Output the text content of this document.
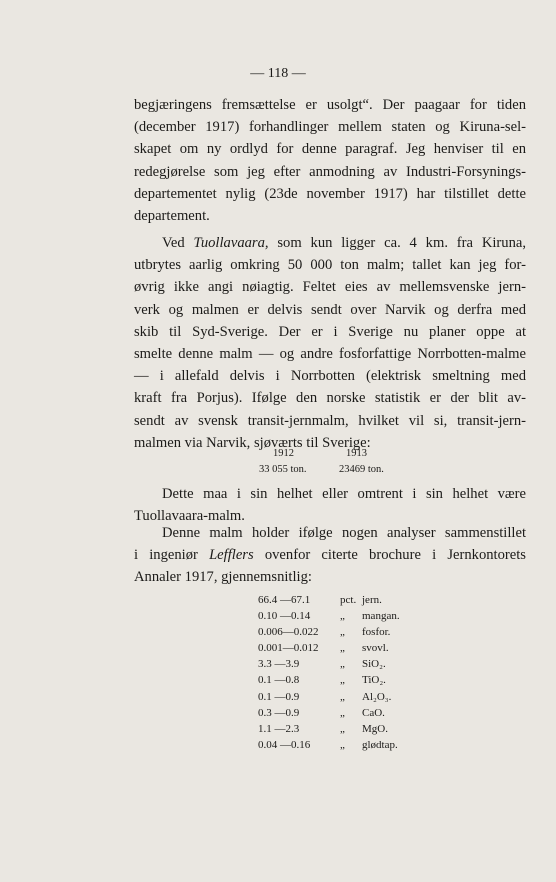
— 118 —
begjæringens fremsættelse er usolgt“. Der paagaar for tiden
(december 1917) forhandlinger mellem staten og Kiruna-sel-
skapet om ny ordlyd for denne paragraf. Jeg henviser til en
redegjørelse som jeg efter anmodning av Industri-Forsynings-
departementet nylig (23de november 1917) har tilstillet dette
departement.
Ved Tuollavaara, som kun ligger ca. 4 km. fra Kiruna,
utbrytes aarlig omkring 50 000 ton malm; tallet kan jeg for-
øvrig ikke angi nøiagtig. Feltet eies av mellemsvenske jern-
verk og malmen er delvis sendt over Narvik og derfra med
skib til Syd-Sverige. Der er i Sverige nu planer oppe at
smelte denne malm — og andre fosforfattige Norrbotten-malme
— i allefald delvis i Norrbotten (elektrisk smeltning med
kraft fra Porjus). Ifølge den norske statistik er der blit av-
sendt av svensk transit-jernmalm, hvilket vil si, transit-jern-
malmen via Narvik, sjøværts til Sverige:
1912	1913
33 055 ton.	23469 ton.
Dette maa i sin helhet eller omtrent i sin helhet være
Tuollavaara-malm.
Denne malm holder ifølge nogen analyser sammenstillet
i ingeniør Lefflers ovenfor citerte brochure i Jernkontorets
Annaler 1917, gjennemsnitlig:
66.4 —67.1	pct. jern.
0.10 —0.14	„	mangan.
0.006—0.022	„	fosfor.
0.001—0.012	„	svovl.
3.3 —3.9	„	SiO₂.
0.1 —0.8	„	TiO₂.
0.1 —0.9	„	Al₂O₃.
0.3 —0.9	„	CaO.
1.1 —2.3	„	MgO.
0.04 —0.16	„	glødtap.
